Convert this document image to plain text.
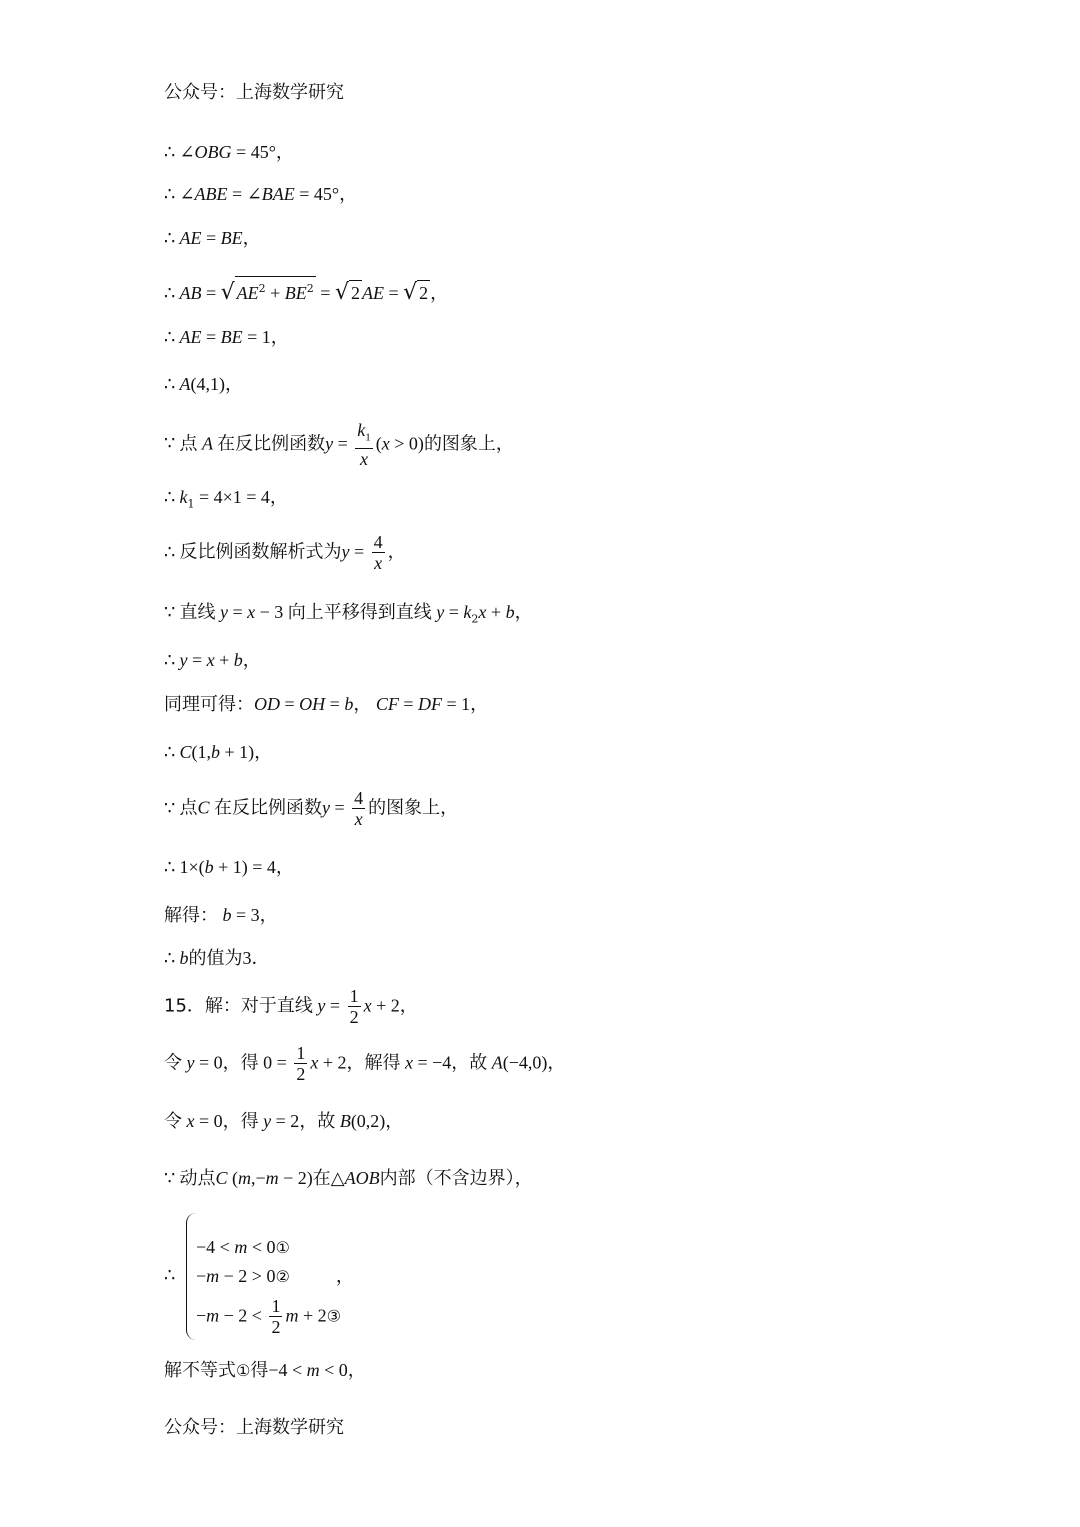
公众号：上海数学研究
∴ ∠OBG = 45°，
∴ ∠ABE = ∠BAE = 45°，
∴ AE = BE，
∴ AB = √ $AE^2 + BE^2$ = √ 2 AE = √ 2 ，
∴ AE = BE = 1，
∴ A(4,1)，
∵ 点 A 在反比例函数$y = \frac{k_1}{x} (x > 0)$的图象上，
∴ $k_1 = 4\times 1 = 4$，
∴ 反比例函数解析式为$y = \frac{4}{x}$ ，
∵ 直线 y = x − 3 向上平移得到直线 $y = k_2x + b$，
∴ y = x + b，
同理可得：OD = OH = b， CF = DF = 1，
∴ C(1,b + 1)，
∵ 点C 在反比例函数$y = \frac{4}{x}$ 的图象上，
∴ 1×(b + 1) = 4，
解得： b = 3，
∴ b的值为3．
15．解：对于直线 $y = \frac{1}{2}$ x + 2，
令 y = 0，得 $0 = \frac{1}{2}$ x + 2，解得 x = −4，故 A(−4,0)，
令 x = 0，得 y = 2，故 B(0,2)，
∵ 动点C (m,−m − 2)在△AOB内部（不含边界），
∴
−4 < m < 0①
−m − 2 > 0②	，
$-m - 2 < \frac{1}{2}$ m + 2③
解不等式①得−4 < m < 0，
公众号：上海数学研究
